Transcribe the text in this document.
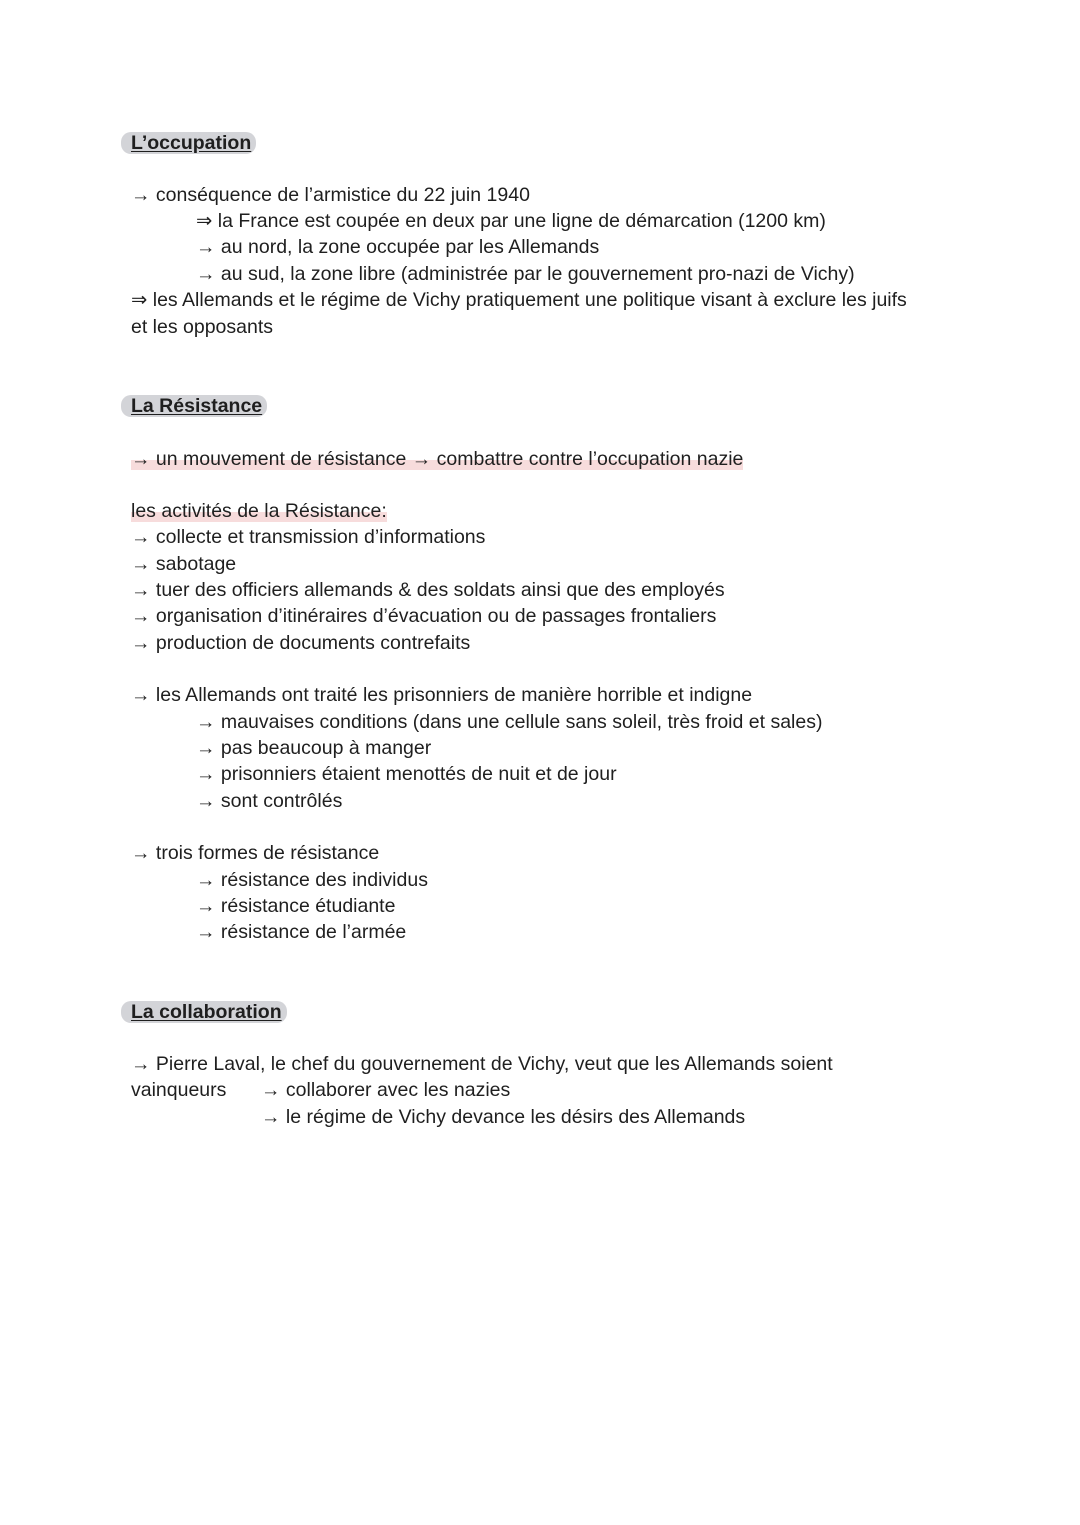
L’occupation
→ conséquence de l’armistice du 22 juin 1940
⇒ la France est coupée en deux par une ligne de démarcation (1200 km)
→ au nord, la zone occupée par les Allemands
→ au sud, la zone libre (administrée par le gouvernement pro-nazi de Vichy)
⇒ les Allemands et le régime de Vichy pratiquement une politique visant à exclure les juifs
et les opposants
La Résistance
→ un mouvement de résistance → combattre contre l’occupation nazie
les activités de la Résistance:
→ collecte et transmission d’informations
→ sabotage
→ tuer des officiers allemands & des soldats ainsi que des employés
→ organisation d’itinéraires d’évacuation ou de passages frontaliers
→ production de documents contrefaits
→ les Allemands ont traité les prisonniers de manière horrible et indigne
→ mauvaises conditions (dans une cellule sans soleil, très froid et sales)
→ pas beaucoup à manger
→ prisonniers étaient menottés de nuit et de jour
→ sont contrôlés
→ trois formes de résistance
→ résistance des individus
→ résistance étudiante
→ résistance de l’armée
La collaboration
→ Pierre Laval, le chef du gouvernement de Vichy, veut que les Allemands soient
vainqueurs → collaborer avec les nazies
→ le régime de Vichy devance les désirs des Allemands
